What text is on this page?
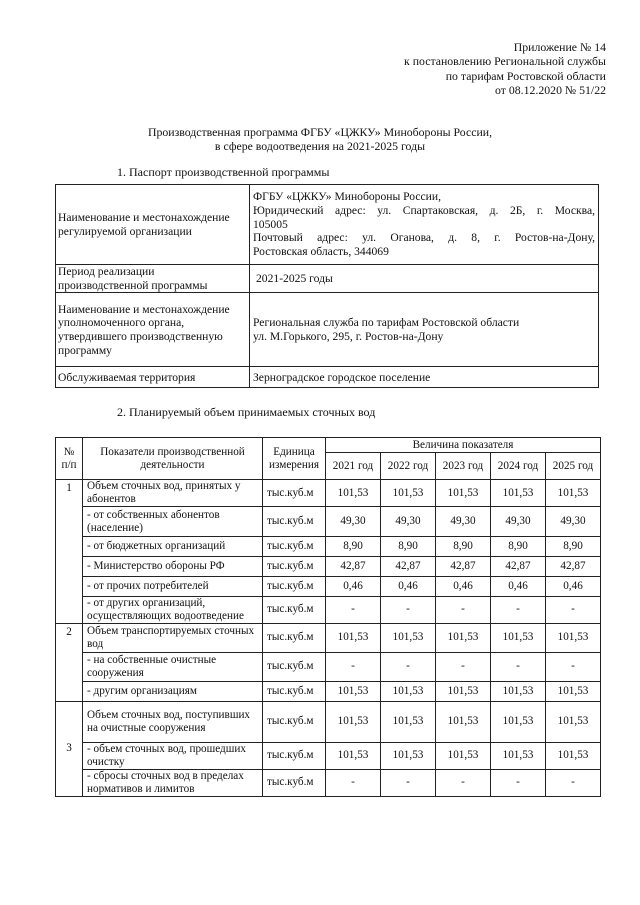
Приложение № 14
к постановлению Региональной службы
по тарифам Ростовской области
от 08.12.2020 № 51/22
Производственная программа ФГБУ «ЦЖКУ» Минобороны России,
в сфере водоотведения на 2021-2025 годы
1. Паспорт производственной программы
Наименование и местонахождение регулируемой организации	ФГБУ «ЦЖКУ» Минобороны России,
Юридический адрес: ул. Спартаковская, д. 2Б, г. Москва,
105005
Почтовый адрес: ул. Оганова, д. 8, г. Ростов-на-Дону,
Ростовская область, 344069

Период реализации производственной программы	2021-2025 годы

Наименование и местонахождение уполномоченного органа, утвердившего производственную программу	Региональная служба по тарифам Ростовской области
ул. М.Горького, 295, г. Ростов-на-Дону

Обслуживаемая территория	Зерноградское городское поселение
2. Планируемый объем принимаемых сточных вод
№ п/п	Показатели производственной деятельности	Единица измерения	Величина показателя				
			2021 год	2022 год	2023 год	2024 год	2025 год
1	Объем сточных вод, принятых у абонентов	тыс.куб.м	101,53	101,53	101,53	101,53	101,53
	- от собственных абонентов (население)	тыс.куб.м	49,30	49,30	49,30	49,30	49,30
	- от бюджетных организаций	тыс.куб.м	8,90	8,90	8,90	8,90	8,90
	- Министерство обороны РФ	тыс.куб.м	42,87	42,87	42,87	42,87	42,87
	- от прочих потребителей	тыс.куб.м	0,46	0,46	0,46	0,46	0,46
	- от других организаций, осуществляющих водоотведение	тыс.куб.м	-	-	-	-	-
2	Объем транспортируемых сточных вод	тыс.куб.м	101,53	101,53	101,53	101,53	101,53
	- на собственные очистные сооружения	тыс.куб.м	-	-	-	-	-
	- другим организациям	тыс.куб.м	101,53	101,53	101,53	101,53	101,53
3	Объем сточных вод, поступивших на очистные сооружения	тыс.куб.м	101,53	101,53	101,53	101,53	101,53
	- объем сточных вод, прошедших очистку	тыс.куб.м	101,53	101,53	101,53	101,53	101,53
	- сбросы сточных вод в пределах нормативов и лимитов	тыс.куб.м	-	-	-	-	-
